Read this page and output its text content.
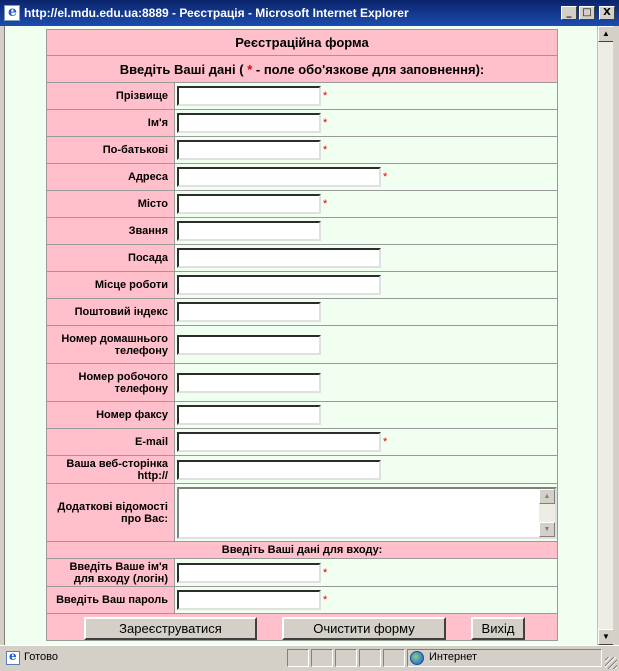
e
http://el.mdu.edu.ua:8889 - Реєстрація - Microsoft Internet Explorer	_	□	X
Реєстраційна форма	
Введіть Ваші дані ( * - поле обо'язкове для заповнення):	
Прізвище	*
Ім'я	*
По-батькові	*
Адреса	*
Місто	*
Звання	
Посада	
Місце роботи	
Поштовий індекс	
Номер домашнього телефону	
Номер робочого телефону	
Номер факсу	
E-mail	*
Ваша веб-сторінка http://	
Додаткові відомості про Вас:	▲
▼

Введіть Ваші дані для входу:	
Введіть Ваше ім'я для входу (логін)	*
Введіть Ваш пароль	*

Зареєструватися	Очистити форму	Вихід
▲
▼
e
Готово	Интернет
